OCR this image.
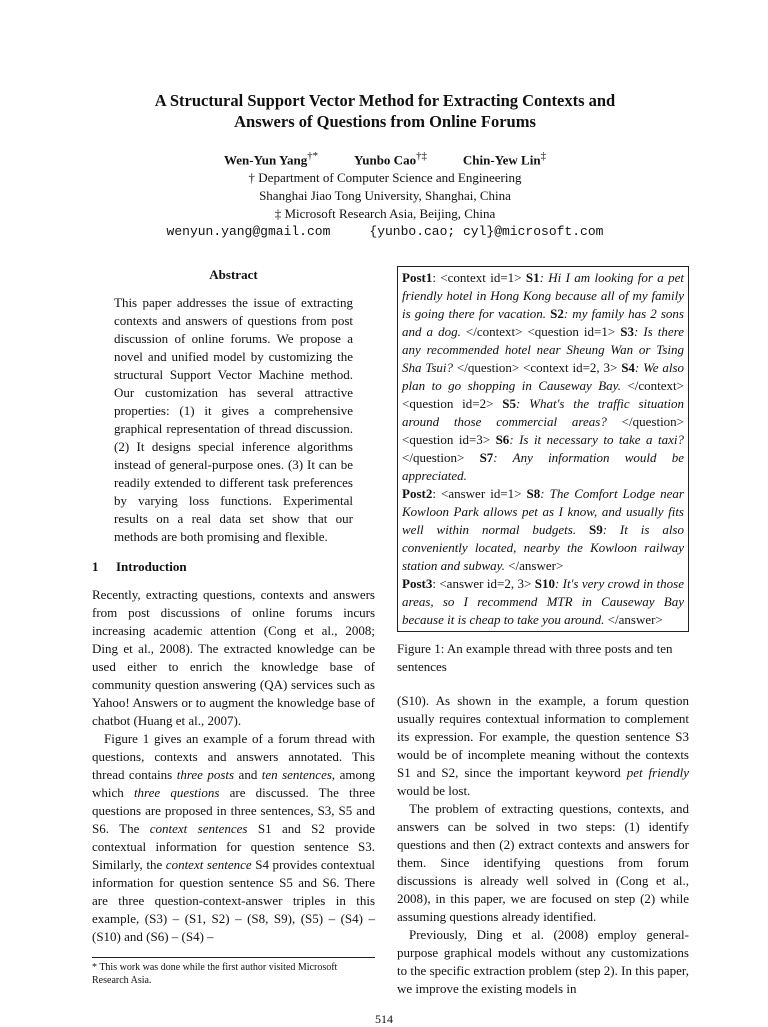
A Structural Support Vector Method for Extracting Contexts and
Answers of Questions from Online Forums
Wen-Yun Yang†*	Yunbo Cao†‡	Chin-Yew Lin‡
† Department of Computer Science and Engineering
Shanghai Jiao Tong University, Shanghai, China
‡ Microsoft Research Asia, Beijing, China
wenyun.yang@gmail.com	{yunbo.cao; cyl}@microsoft.com
Abstract

This paper addresses the issue of extracting contexts and answers of questions from post discussion of online forums. We propose a novel and unified model by customizing the structural Support Vector Machine method. Our customization has several attractive properties: (1) it gives a comprehensive graphical representation of thread discussion. (2) It designs special inference algorithms instead of general-purpose ones. (3) It can be readily extended to different task preferences by varying loss functions. Experimental results on a real data set show that our methods are both promising and flexible.

1 Introduction

Recently, extracting questions, contexts and answers from post discussions of online forums incurs increasing academic attention (Cong et al., 2008; Ding et al., 2008). The extracted knowledge can be used either to enrich the knowledge base of community question answering (QA) services such as Yahoo! Answers or to augment the knowledge base of chatbot (Huang et al., 2007).

Figure 1 gives an example of a forum thread with questions, contexts and answers annotated. This thread contains three posts and ten sentences, among which three questions are discussed. The three questions are proposed in three sentences, S3, S5 and S6. The context sentences S1 and S2 provide contextual information for question sentence S3. Similarly, the context sentence S4 provides contextual information for question sentence S5 and S6. There are three question-context-answer triples in this example, (S3) – (S1, S2) – (S8, S9), (S5) – (S4) – (S10) and (S6) – (S4) –

* This work was done while the first author visited Microsoft Research Asia.
Post1: <context id=1> S1: Hi I am looking for a pet friendly hotel in Hong Kong because all of my family is going there for vacation. S2: my family has 2 sons and a dog. </context> <question id=1> S3: Is there any recommended hotel near Sheung Wan or Tsing Sha Tsui? </question> <context id=2, 3> S4: We also plan to go shopping in Causeway Bay. </context> <question id=2> S5: What's the traffic situation around those commercial areas? </question> <question id=3> S6: Is it necessary to take a taxi? </question> S7: Any information would be appreciated.
Post2: <answer id=1> S8: The Comfort Lodge near Kowloon Park allows pet as I know, and usually fits well within normal budgets. S9: It is also conveniently located, nearby the Kowloon railway station and subway. </answer>
Post3: <answer id=2, 3> S10: It's very crowd in those areas, so I recommend MTR in Causeway Bay because it is cheap to take you around. </answer>
Figure 1: An example thread with three posts and ten sentences

(S10). As shown in the example, a forum question usually requires contextual information to complement its expression. For example, the question sentence S3 would be of incomplete meaning without the contexts S1 and S2, since the important keyword pet friendly would be lost.

The problem of extracting questions, contexts, and answers can be solved in two steps: (1) identify questions and then (2) extract contexts and answers for them. Since identifying questions from forum discussions is already well solved in (Cong et al., 2008), in this paper, we are focused on step (2) while assuming questions already identified.

Previously, Ding et al. (2008) employ general-purpose graphical models without any customizations to the specific extraction problem (step 2). In this paper, we improve the existing models in

514
